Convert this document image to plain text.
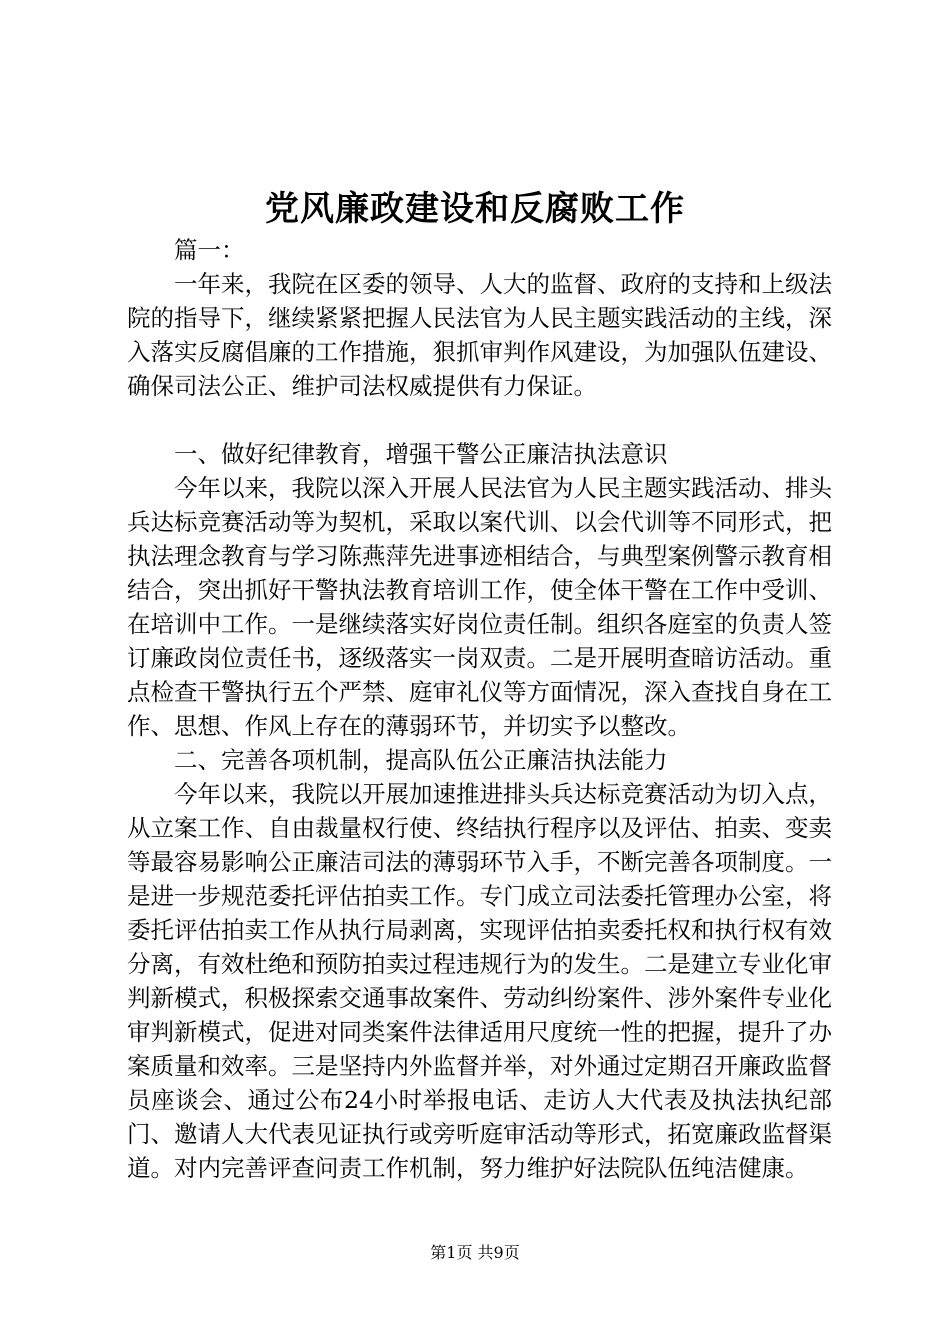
党风廉政建设和反腐败工作

篇一：

一年来，我院在区委的领导、人大的监督、政府的支持和上级法院的指导下，继续紧紧把握人民法官为人民主题实践活动的主线，深入落实反腐倡廉的工作措施，狠抓审判作风建设，为加强队伍建设、确保司法公正、维护司法权威提供有力保证。

一、做好纪律教育，增强干警公正廉洁执法意识

今年以来，我院以深入开展人民法官为人民主题实践活动、排头兵达标竞赛活动等为契机，采取以案代训、以会代训等不同形式，把执法理念教育与学习陈燕萍先进事迹相结合，与典型案例警示教育相结合，突出抓好干警执法教育培训工作，使全体干警在工作中受训、在培训中工作。一是继续落实好岗位责任制。组织各庭室的负责人签订廉政岗位责任书，逐级落实一岗双责。二是开展明查暗访活动。重点检查干警执行五个严禁、庭审礼仪等方面情况，深入查找自身在工作、思想、作风上存在的薄弱环节，并切实予以整改。

二、完善各项机制，提高队伍公正廉洁执法能力

今年以来，我院以开展加速推进排头兵达标竞赛活动为切入点，从立案工作、自由裁量权行使、终结执行程序以及评估、拍卖、变卖等最容易影响公正廉洁司法的薄弱环节入手，不断完善各项制度。一是进一步规范委托评估拍卖工作。专门成立司法委托管理办公室，将委托评估拍卖工作从执行局剥离，实现评估拍卖委托权和执行权有效分离，有效杜绝和预防拍卖过程违规行为的发生。二是建立专业化审判新模式，积极探索交通事故案件、劳动纠纷案件、涉外案件专业化审判新模式，促进对同类案件法律适用尺度统一性的把握，提升了办案质量和效率。三是坚持内外监督并举，对外通过定期召开廉政监督员座谈会、通过公布24小时举报电话、走访人大代表及执法执纪部门、邀请人大代表见证执行或旁听庭审活动等形式，拓宽廉政监督渠道。对内完善评查问责工作机制，努力维护好法院队伍纯洁健康。

第1页 共9页
